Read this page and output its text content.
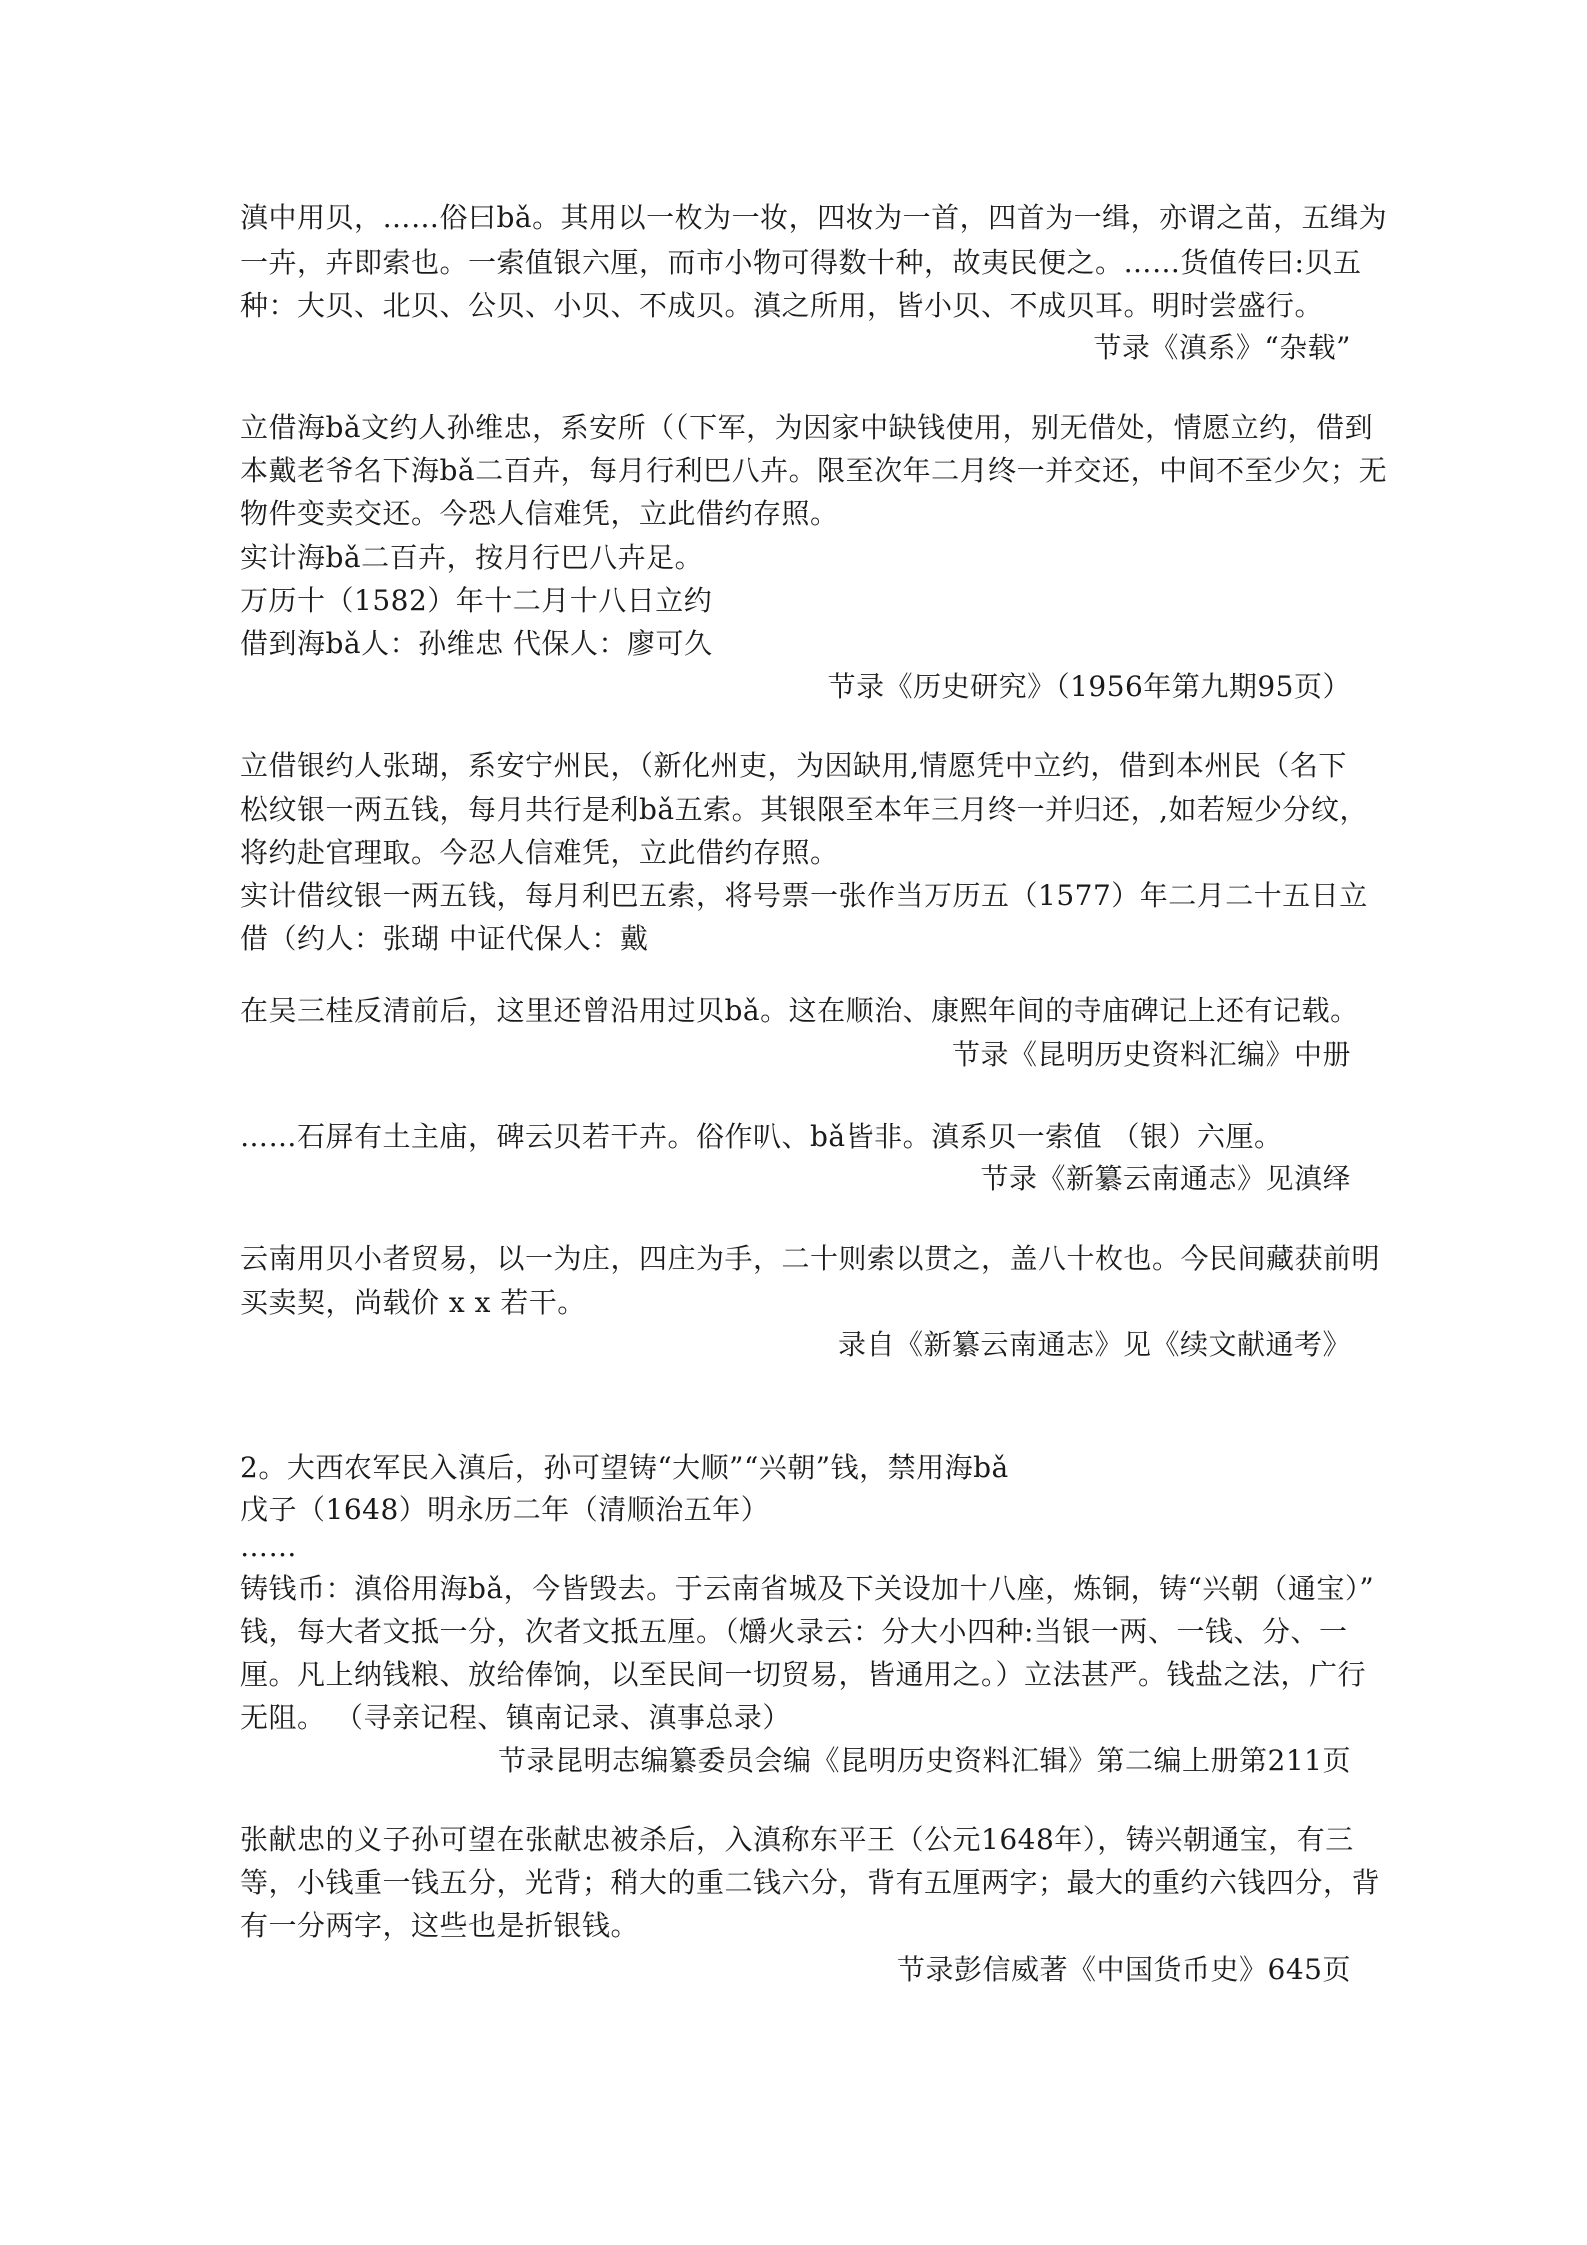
滇中用贝，……俗曰bǎ。其用以一枚为一妆，四妆为一首，四首为一缉，亦谓之苗，五缉为
一卉，卉即索也。一索值银六厘，而市小物可得数十种，故夷民便之。……货值传曰:贝五
种：大贝、北贝、公贝、小贝、不成贝。滇之所用，皆小贝、不成贝耳。明时尝盛行。
节录《滇系》“杂载”
立借海bǎ文约人孙维忠，系安所（（下军，为因家中缺钱使用，别无借处，情愿立约，借到
本戴老爷名下海bǎ二百卉，每月行利巴八卉。限至次年二月终一并交还，中间不至少欠；无
物件变卖交还。今恐人信难凭，立此借约存照。
实计海bǎ二百卉，按月行巴八卉足。
万历十（1582）年十二月十八日立约
借到海bǎ人：孙维忠 代保人：廖可久
节录《历史研究》（1956年第九期95页）
立借银约人张瑚，系安宁州民，（新化州吏，为因缺用,情愿凭中立约，借到本州民（名下
松纹银一两五钱，每月共行是利bǎ五索。其银限至本年三月终一并归还，,如若短少分纹，
将约赴官理取。今忍人信难凭，立此借约存照。
实计借纹银一两五钱，每月利巴五索，将号票一张作当万历五（1577）年二月二十五日立
借（约人：张瑚 中证代保人：戴
在吴三桂反清前后，这里还曾沿用过贝bǎ。这在顺治、康熙年间的寺庙碑记上还有记载。
节录《昆明历史资料汇编》中册
……石屏有土主庙，碑云贝若干卉。俗作叭、bǎ皆非。滇系贝一索值 （银）六厘。
节录《新纂云南通志》见滇绎
云南用贝小者贸易，以一为庄，四庄为手，二十则索以贯之，盖八十枚也。今民间藏获前明
买卖契，尚载价 x x 若干。
录自《新纂云南通志》见《续文献通考》
2。大西农军民入滇后，孙可望铸“大顺”“兴朝”钱，禁用海bǎ
戊子（1648）明永历二年（清顺治五年）
……
铸钱币：滇俗用海bǎ，今皆毁去。于云南省城及下关设加十八座，炼铜，铸“兴朝（通宝）”
钱，每大者文抵一分，次者文抵五厘。（爝火录云：分大小四种:当银一两、一钱、分、一
厘。凡上纳钱粮、放给俸饷，以至民间一切贸易，皆通用之。）立法甚严。钱盐之法，广行
无阻。 （寻亲记程、镇南记录、滇事总录）
节录昆明志编纂委员会编《昆明历史资料汇辑》第二编上册第211页
张献忠的义子孙可望在张献忠被杀后，入滇称东平王（公元1648年），铸兴朝通宝，有三
等，小钱重一钱五分，光背；稍大的重二钱六分，背有五厘两字；最大的重约六钱四分，背
有一分两字，这些也是折银钱。
节录彭信威著《中国货币史》645页
